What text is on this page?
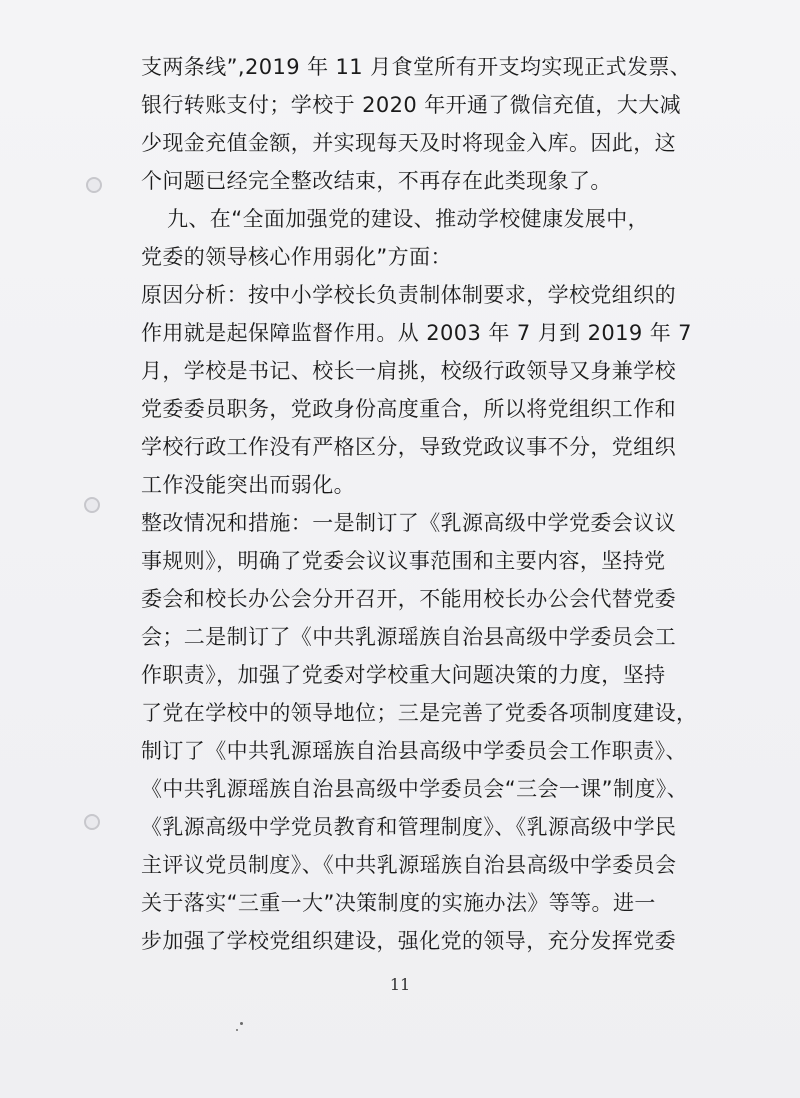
支两条线”,2019 年 11 月食堂所有开支均实现正式发票、
银行转账支付；学校于 2020 年开通了微信充值，大大减
少现金充值金额，并实现每天及时将现金入库。因此，这
个问题已经完全整改结束，不再存在此类现象了。
九、在“全面加强党的建设、推动学校健康发展中，
党委的领导核心作用弱化”方面：
原因分析：按中小学校长负责制体制要求，学校党组织的
作用就是起保障监督作用。从 2003 年 7 月到 2019 年 7
月，学校是书记、校长一肩挑，校级行政领导又身兼学校
党委委员职务，党政身份高度重合，所以将党组织工作和
学校行政工作没有严格区分，导致党政议事不分，党组织
工作没能突出而弱化。
整改情况和措施：一是制订了《乳源高级中学党委会议议
事规则》，明确了党委会议议事范围和主要内容，坚持党
委会和校长办公会分开召开，不能用校长办公会代替党委
会；二是制订了《中共乳源瑶族自治县高级中学委员会工
作职责》，加强了党委对学校重大问题决策的力度，坚持
了党在学校中的领导地位；三是完善了党委各项制度建设，
制订了《中共乳源瑶族自治县高级中学委员会工作职责》、
《中共乳源瑶族自治县高级中学委员会“三会一课”制度》、
《乳源高级中学党员教育和管理制度》、《乳源高级中学民
主评议党员制度》、《中共乳源瑶族自治县高级中学委员会
关于落实“三重一大”决策制度的实施办法》等等。进一
步加强了学校党组织建设，强化党的领导，充分发挥党委
11
